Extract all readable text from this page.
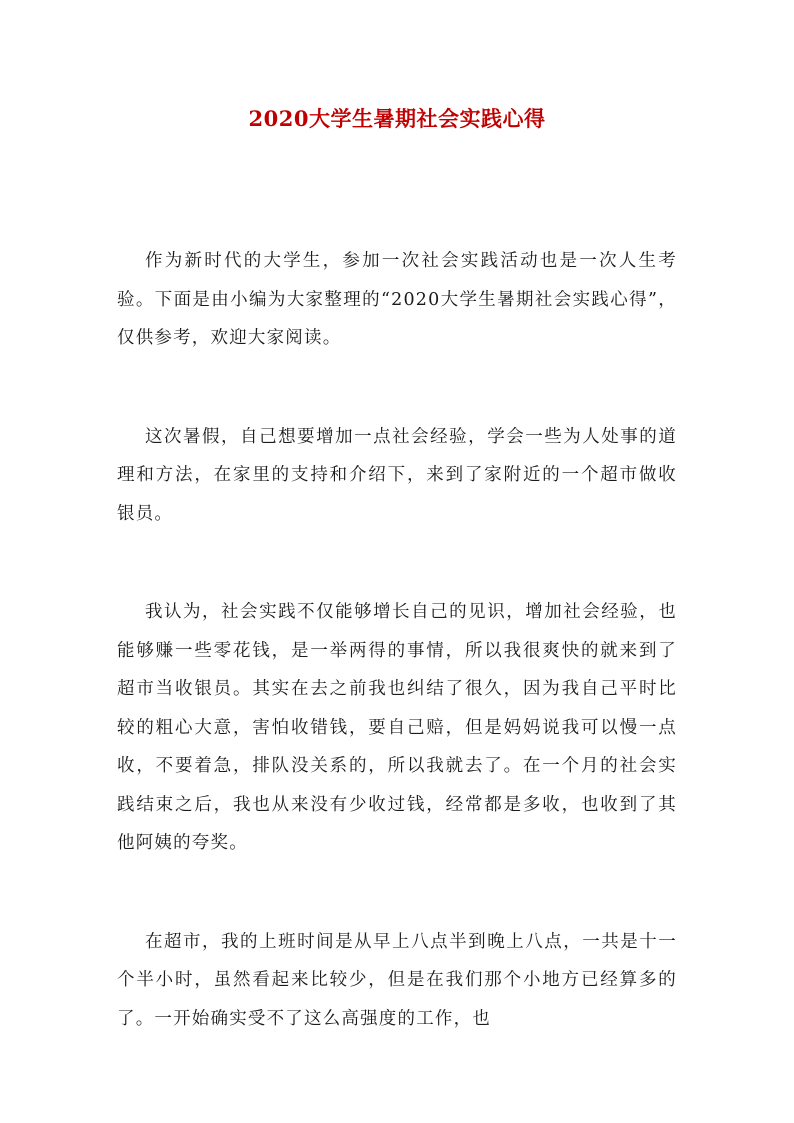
2020大学生暑期社会实践心得

作为新时代的大学生，参加一次社会实践活动也是一次人生考验。下面是由小编为大家整理的“2020大学生暑期社会实践心得”，仅供参考，欢迎大家阅读。

这次暑假，自己想要增加一点社会经验，学会一些为人处事的道理和方法，在家里的支持和介绍下，来到了家附近的一个超市做收银员。

我认为，社会实践不仅能够增长自己的见识，增加社会经验，也能够赚一些零花钱，是一举两得的事情，所以我很爽快的就来到了超市当收银员。其实在去之前我也纠结了很久，因为我自己平时比较的粗心大意，害怕收错钱，要自己赔，但是妈妈说我可以慢一点收，不要着急，排队没关系的，所以我就去了。在一个月的社会实践结束之后，我也从来没有少收过钱，经常都是多收，也收到了其他阿姨的夸奖。

在超市，我的上班时间是从早上八点半到晚上八点，一共是十一个半小时，虽然看起来比较少，但是在我们那个小地方已经算多的了。一开始确实受不了这么高强度的工作，也
